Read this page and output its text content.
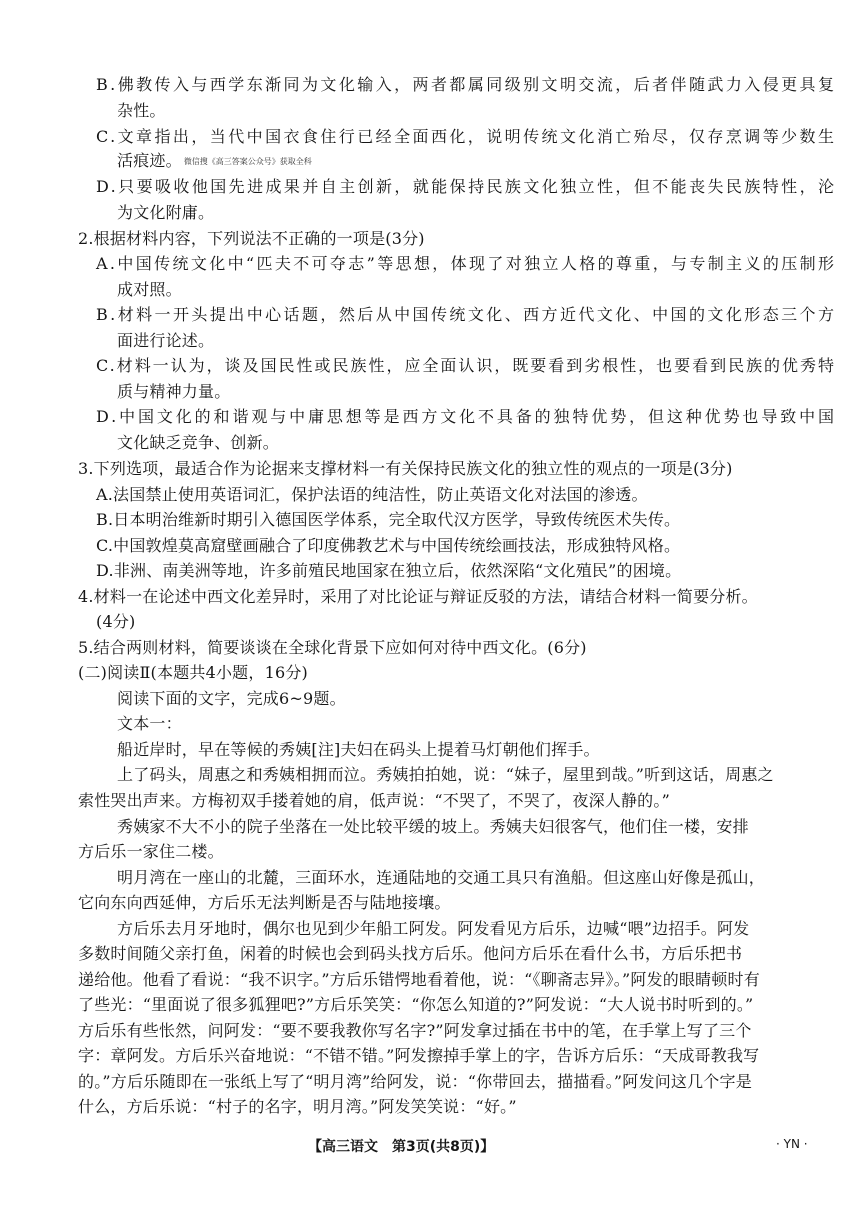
B.佛教传入与西学东渐同为文化输入，两者都属同级别文明交流，后者伴随武力入侵更具复

杂性。

C.文章指出，当代中国衣食住行已经全面西化，说明传统文化消亡殆尽，仅存烹调等少数生

活痕迹。 微信搜《高三答案公众号》获取全科

D.只要吸收他国先进成果并自主创新，就能保持民族文化独立性，但不能丧失民族特性，沦

为文化附庸。

2.根据材料内容，下列说法不正确的一项是(3分)

A.中国传统文化中“匹夫不可夺志”等思想，体现了对独立人格的尊重，与专制主义的压制形

成对照。

B.材料一开头提出中心话题，然后从中国传统文化、西方近代文化、中国的文化形态三个方

面进行论述。

C.材料一认为，谈及国民性或民族性，应全面认识，既要看到劣根性，也要看到民族的优秀特

质与精神力量。

D.中国文化的和谐观与中庸思想等是西方文化不具备的独特优势，但这种优势也导致中国

文化缺乏竞争、创新。

3.下列选项，最适合作为论据来支撑材料一有关保持民族文化的独立性的观点的一项是(3分)

A.法国禁止使用英语词汇，保护法语的纯洁性，防止英语文化对法国的渗透。

B.日本明治维新时期引入德国医学体系，完全取代汉方医学，导致传统医术失传。

C.中国敦煌莫高窟壁画融合了印度佛教艺术与中国传统绘画技法，形成独特风格。

D.非洲、南美洲等地，许多前殖民地国家在独立后，依然深陷“文化殖民”的困境。

4.材料一在论述中西文化差异时，采用了对比论证与辩证反驳的方法，请结合材料一简要分析。

(4分)

5.结合两则材料，简要谈谈在全球化背景下应如何对待中西文化。(6分)

(二)阅读Ⅱ(本题共4小题，16分)

阅读下面的文字，完成6~9题。

文本一：

船近岸时，早在等候的秀姨[注]夫妇在码头上提着马灯朝他们挥手。

上了码头，周惠之和秀姨相拥而泣。秀姨拍拍她，说：“妹子，屋里到哉。”听到这话，周惠之

索性哭出声来。方梅初双手搂着她的肩，低声说：“不哭了，不哭了，夜深人静的。”

秀姨家不大不小的院子坐落在一处比较平缓的坡上。秀姨夫妇很客气，他们住一楼，安排

方后乐一家住二楼。

明月湾在一座山的北麓，三面环水，连通陆地的交通工具只有渔船。但这座山好像是孤山，

它向东向西延伸，方后乐无法判断是否与陆地接壤。

方后乐去月牙地时，偶尔也见到少年船工阿发。阿发看见方后乐，边喊“喂”边招手。阿发

多数时间随父亲打鱼，闲着的时候也会到码头找方后乐。他问方后乐在看什么书，方后乐把书

递给他。他看了看说：“我不识字。”方后乐错愕地看着他，说：“《聊斋志异》。”阿发的眼睛顿时有

了些光：“里面说了很多狐狸吧?”方后乐笑笑：“你怎么知道的?”阿发说：“大人说书时听到的。”

方后乐有些怅然，问阿发：“要不要我教你写名字?”阿发拿过插在书中的笔，在手掌上写了三个

字：章阿发。方后乐兴奋地说：“不错不错。”阿发擦掉手掌上的字，告诉方后乐：“天成哥教我写

的。”方后乐随即在一张纸上写了“明月湾”给阿发，说：“你带回去，描描看。”阿发问这几个字是

什么，方后乐说：“村子的名字，明月湾。”阿发笑笑说：“好。”

【高三语文　第3页(共8页)】	· YN ·
